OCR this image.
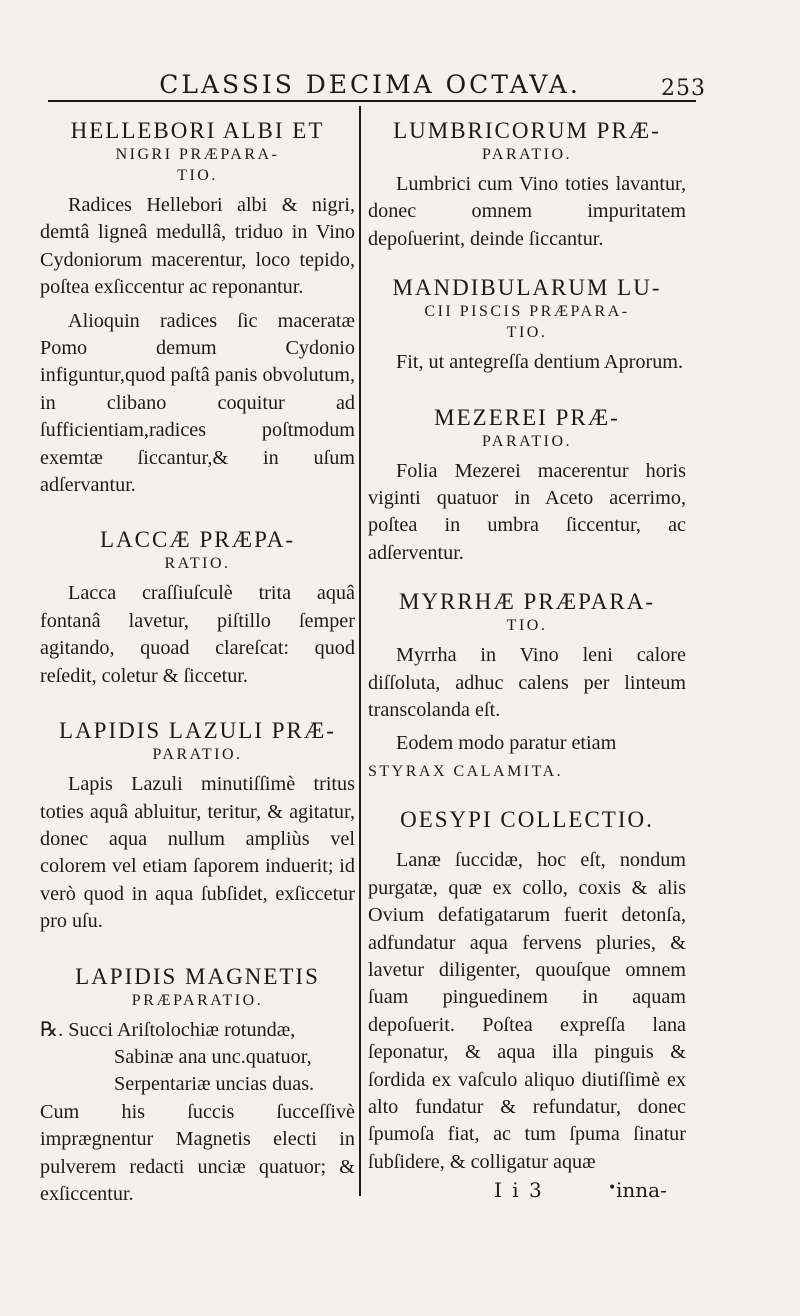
CLASSIS DECIMA OCTAVA.	253

HELLEBORI ALBI ET

NIGRI PRÆPARA-

TIO.

Radices Hellebori albi & nigri, demtâ ligneâ medullâ, triduo in Vino Cydoniorum macerentur, loco tepido, poſtea exſiccentur ac reponantur.

Alioquin radices ſic maceratæ Pomo demum Cydonio infiguntur,quod paſtâ panis obvolutum, in clibano coquitur ad ſufficientiam,radices poſtmodum exemtæ ſiccantur,& in uſum adſervantur.

LACCÆ PRÆPA-

RATIO.

Lacca craſſiuſculè trita aquâ fontanâ lavetur, piſtillo ſemper agitando, quoad clareſcat: quod reſedit, coletur & ſiccetur.

LAPIDIS LAZULI PRÆ-

PARATIO.

Lapis Lazuli minutiſſimè tritus toties aquâ abluitur, teritur, & agitatur, donec aqua nullum ampliùs vel colorem vel etiam ſaporem induerit; id verò quod in aqua ſubſidet, exſiccetur pro uſu.

LAPIDIS MAGNETIS

PRÆPARATIO.

℞. Succi Ariſtolochiæ rotundæ,

Sabinæ ana unc.quatuor,

Serpentariæ uncias duas.

Cum his ſuccis ſucceſſivè imprægnentur Magnetis electi in pulverem redacti unciæ quatuor; & exſiccentur.

LUMBRICORUM PRÆ-

PARATIO.

Lumbrici cum Vino toties lavantur, donec omnem impuritatem depoſuerint, deinde ſiccantur.

MANDIBULARUM LU-

CII PISCIS PRÆPARA-

TIO.

Fit, ut antegreſſa dentium Aprorum.

MEZEREI PRÆ-

PARATIO.

Folia Mezerei macerentur horis viginti quatuor in Aceto acerrimo, poſtea in umbra ſiccentur, ac adſerventur.

MYRRHÆ PRÆPARA-

TIO.

Myrrha in Vino leni calore diſſoluta, adhuc calens per linteum transcolanda eſt.

Eodem modo paratur etiam

STYRAX CALAMITA.

OESYPI COLLECTIO.

Lanæ ſuccidæ, hoc eſt, nondum purgatæ, quæ ex collo, coxis & alis Ovium defatigatarum fuerit detonſa, adfundatur aqua fervens pluries, & lavetur diligenter, quouſque omnem ſuam pinguedinem in aquam depoſuerit. Poſtea expreſſa lana ſeponatur, & aqua illa pinguis & ſordida ex vaſculo aliquo diutiſſimè ex alto fundatur & refundatur, donec ſpumoſa fiat, ac tum ſpuma ſinatur ſubſidere, & colligatur aquæ

I i 3	• inna-
